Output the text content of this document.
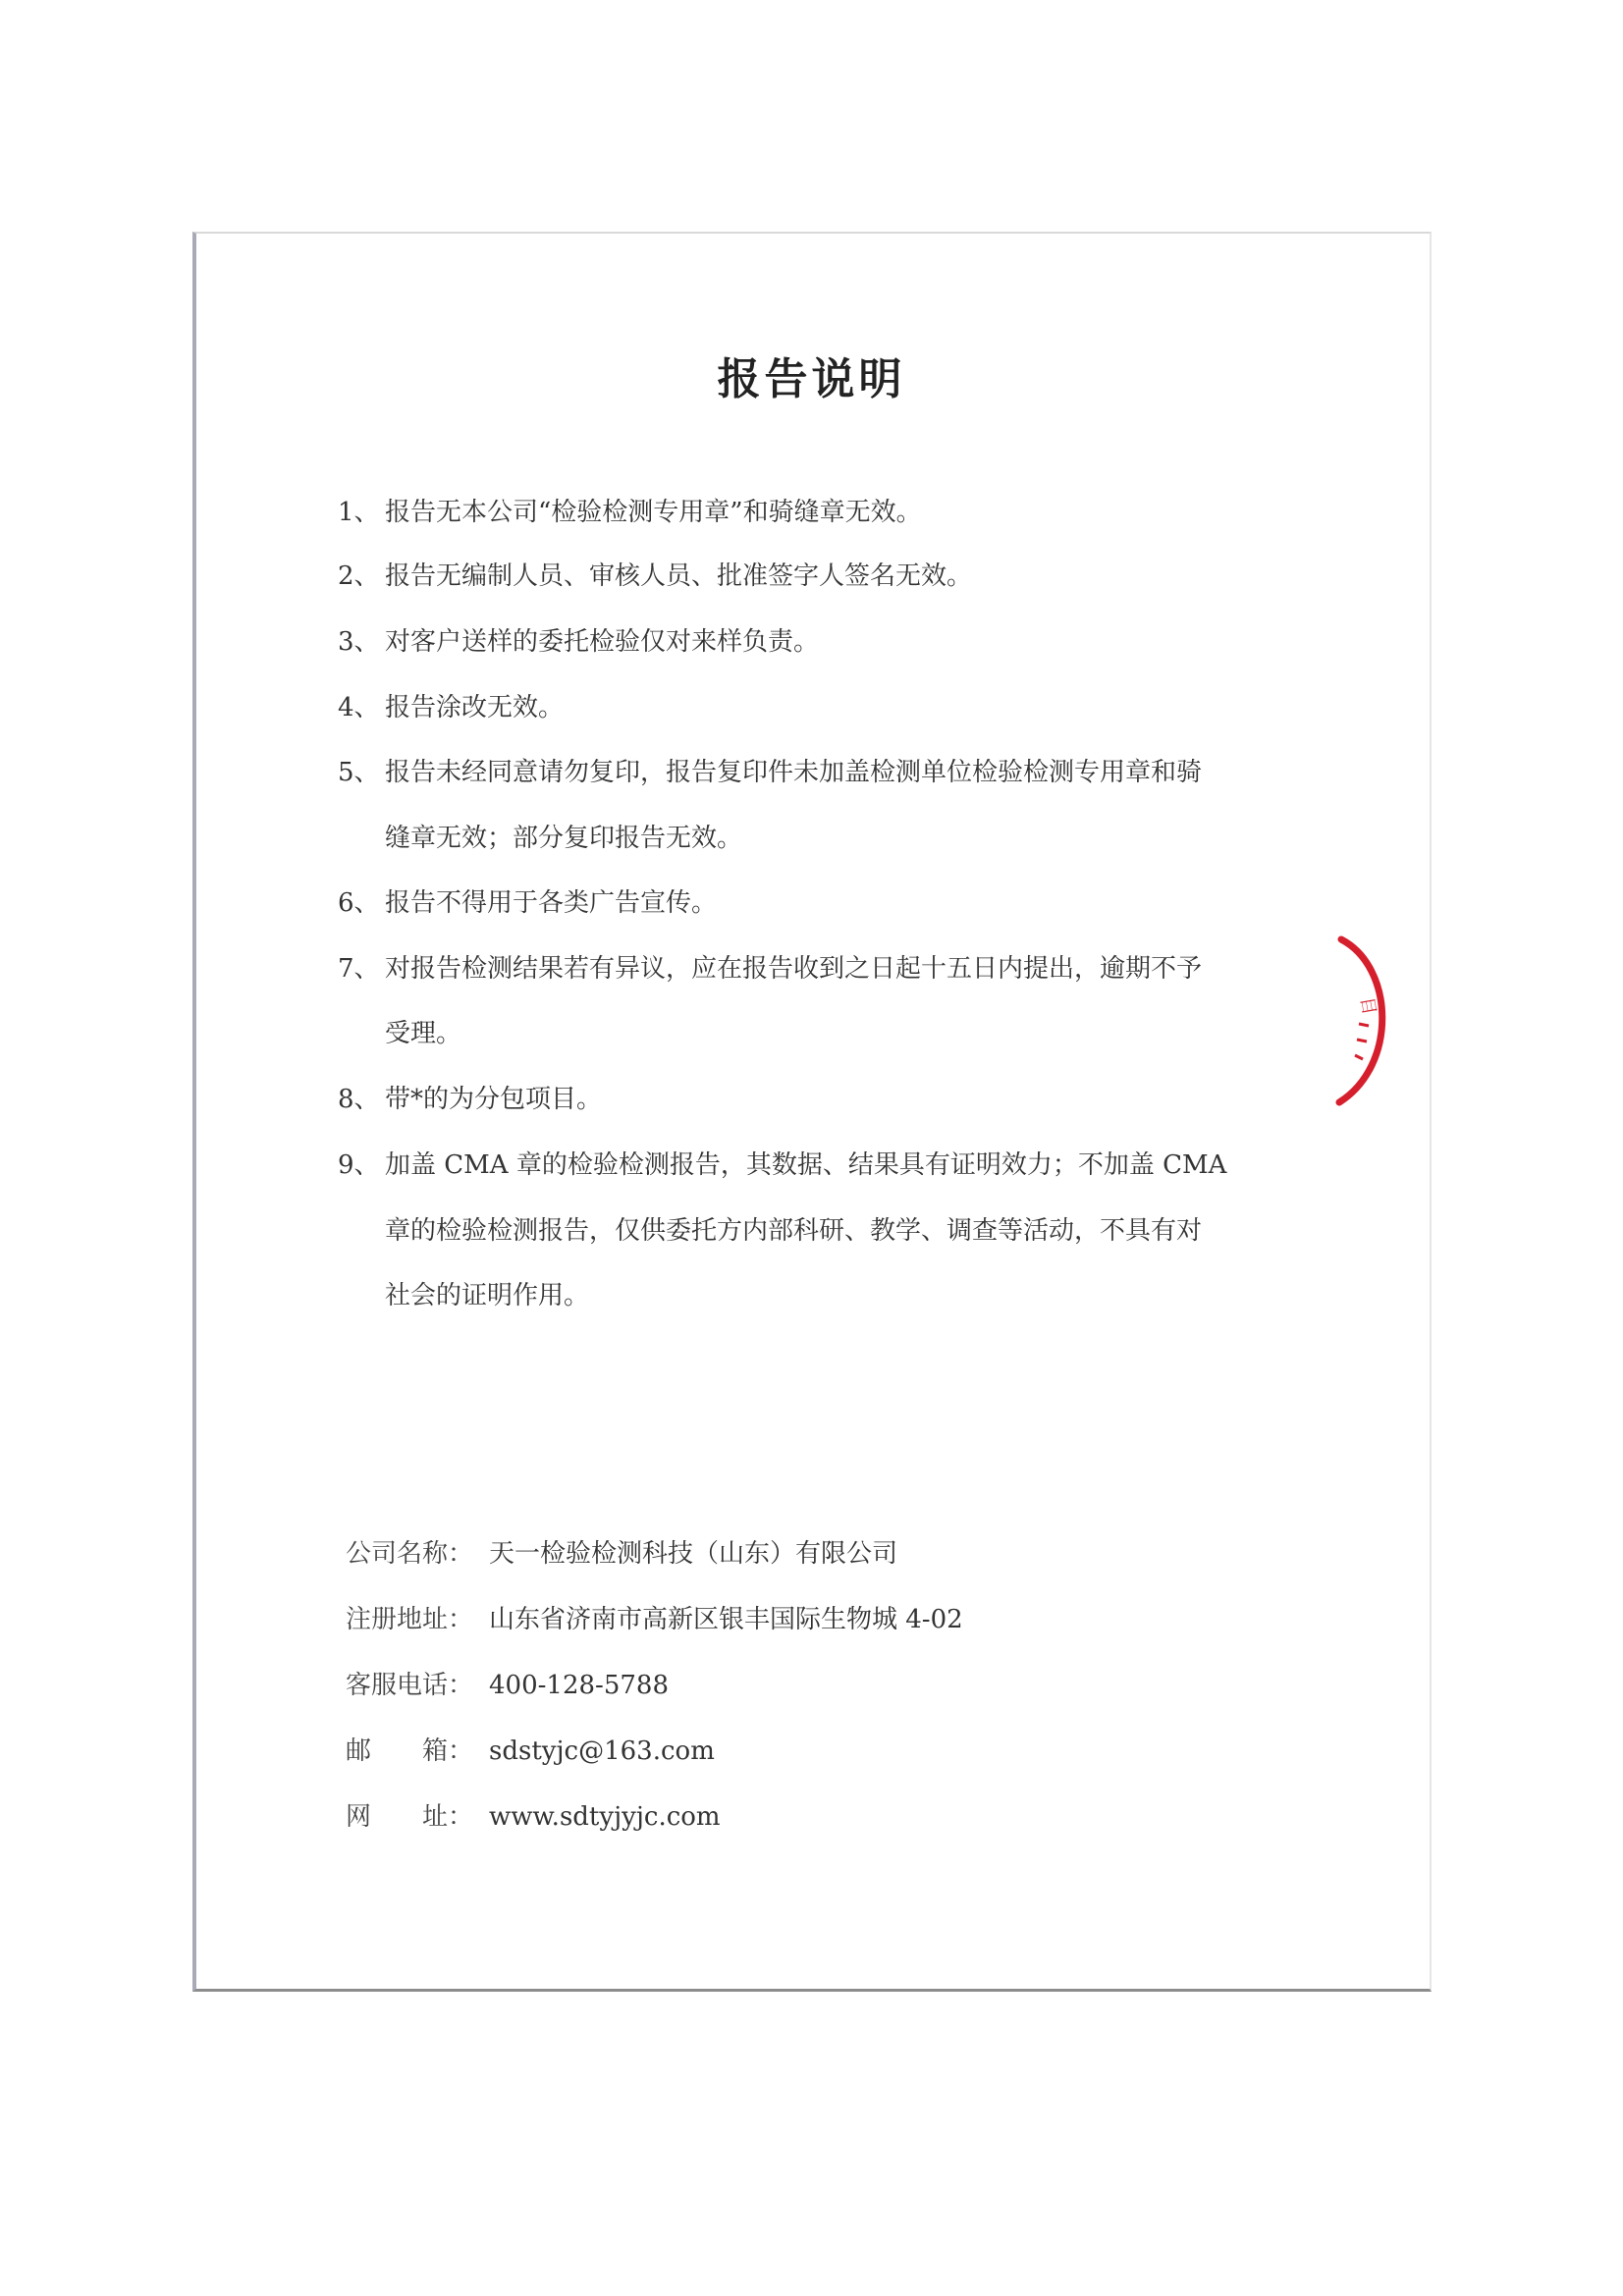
报告说明
1、 报告无本公司“检验检测专用章”和骑缝章无效。
2、 报告无编制人员、审核人员、批准签字人签名无效。
3、 对客户送样的委托检验仅对来样负责。
4、 报告涂改无效。
5、 报告未经同意请勿复印，报告复印件未加盖检测单位检验检测专用章和骑
缝章无效；部分复印报告无效。
6、 报告不得用于各类广告宣传。
7、 对报告检测结果若有异议，应在报告收到之日起十五日内提出，逾期不予
受理。
8、 带*的为分包项目。
9、 加盖 CMA 章的检验检测报告，其数据、结果具有证明效力；不加盖 CMA
章的检验检测报告，仅供委托方内部科研、教学、调查等活动，不具有对
社会的证明作用。
公司名称： 天一检验检测科技（山东）有限公司
注册地址： 山东省济南市高新区银丰国际生物城 4-02
客服电话： 400-128-5788
邮　　箱： sdstyjc@163.com
网　　址： www.sdtyjyjc.com
目
